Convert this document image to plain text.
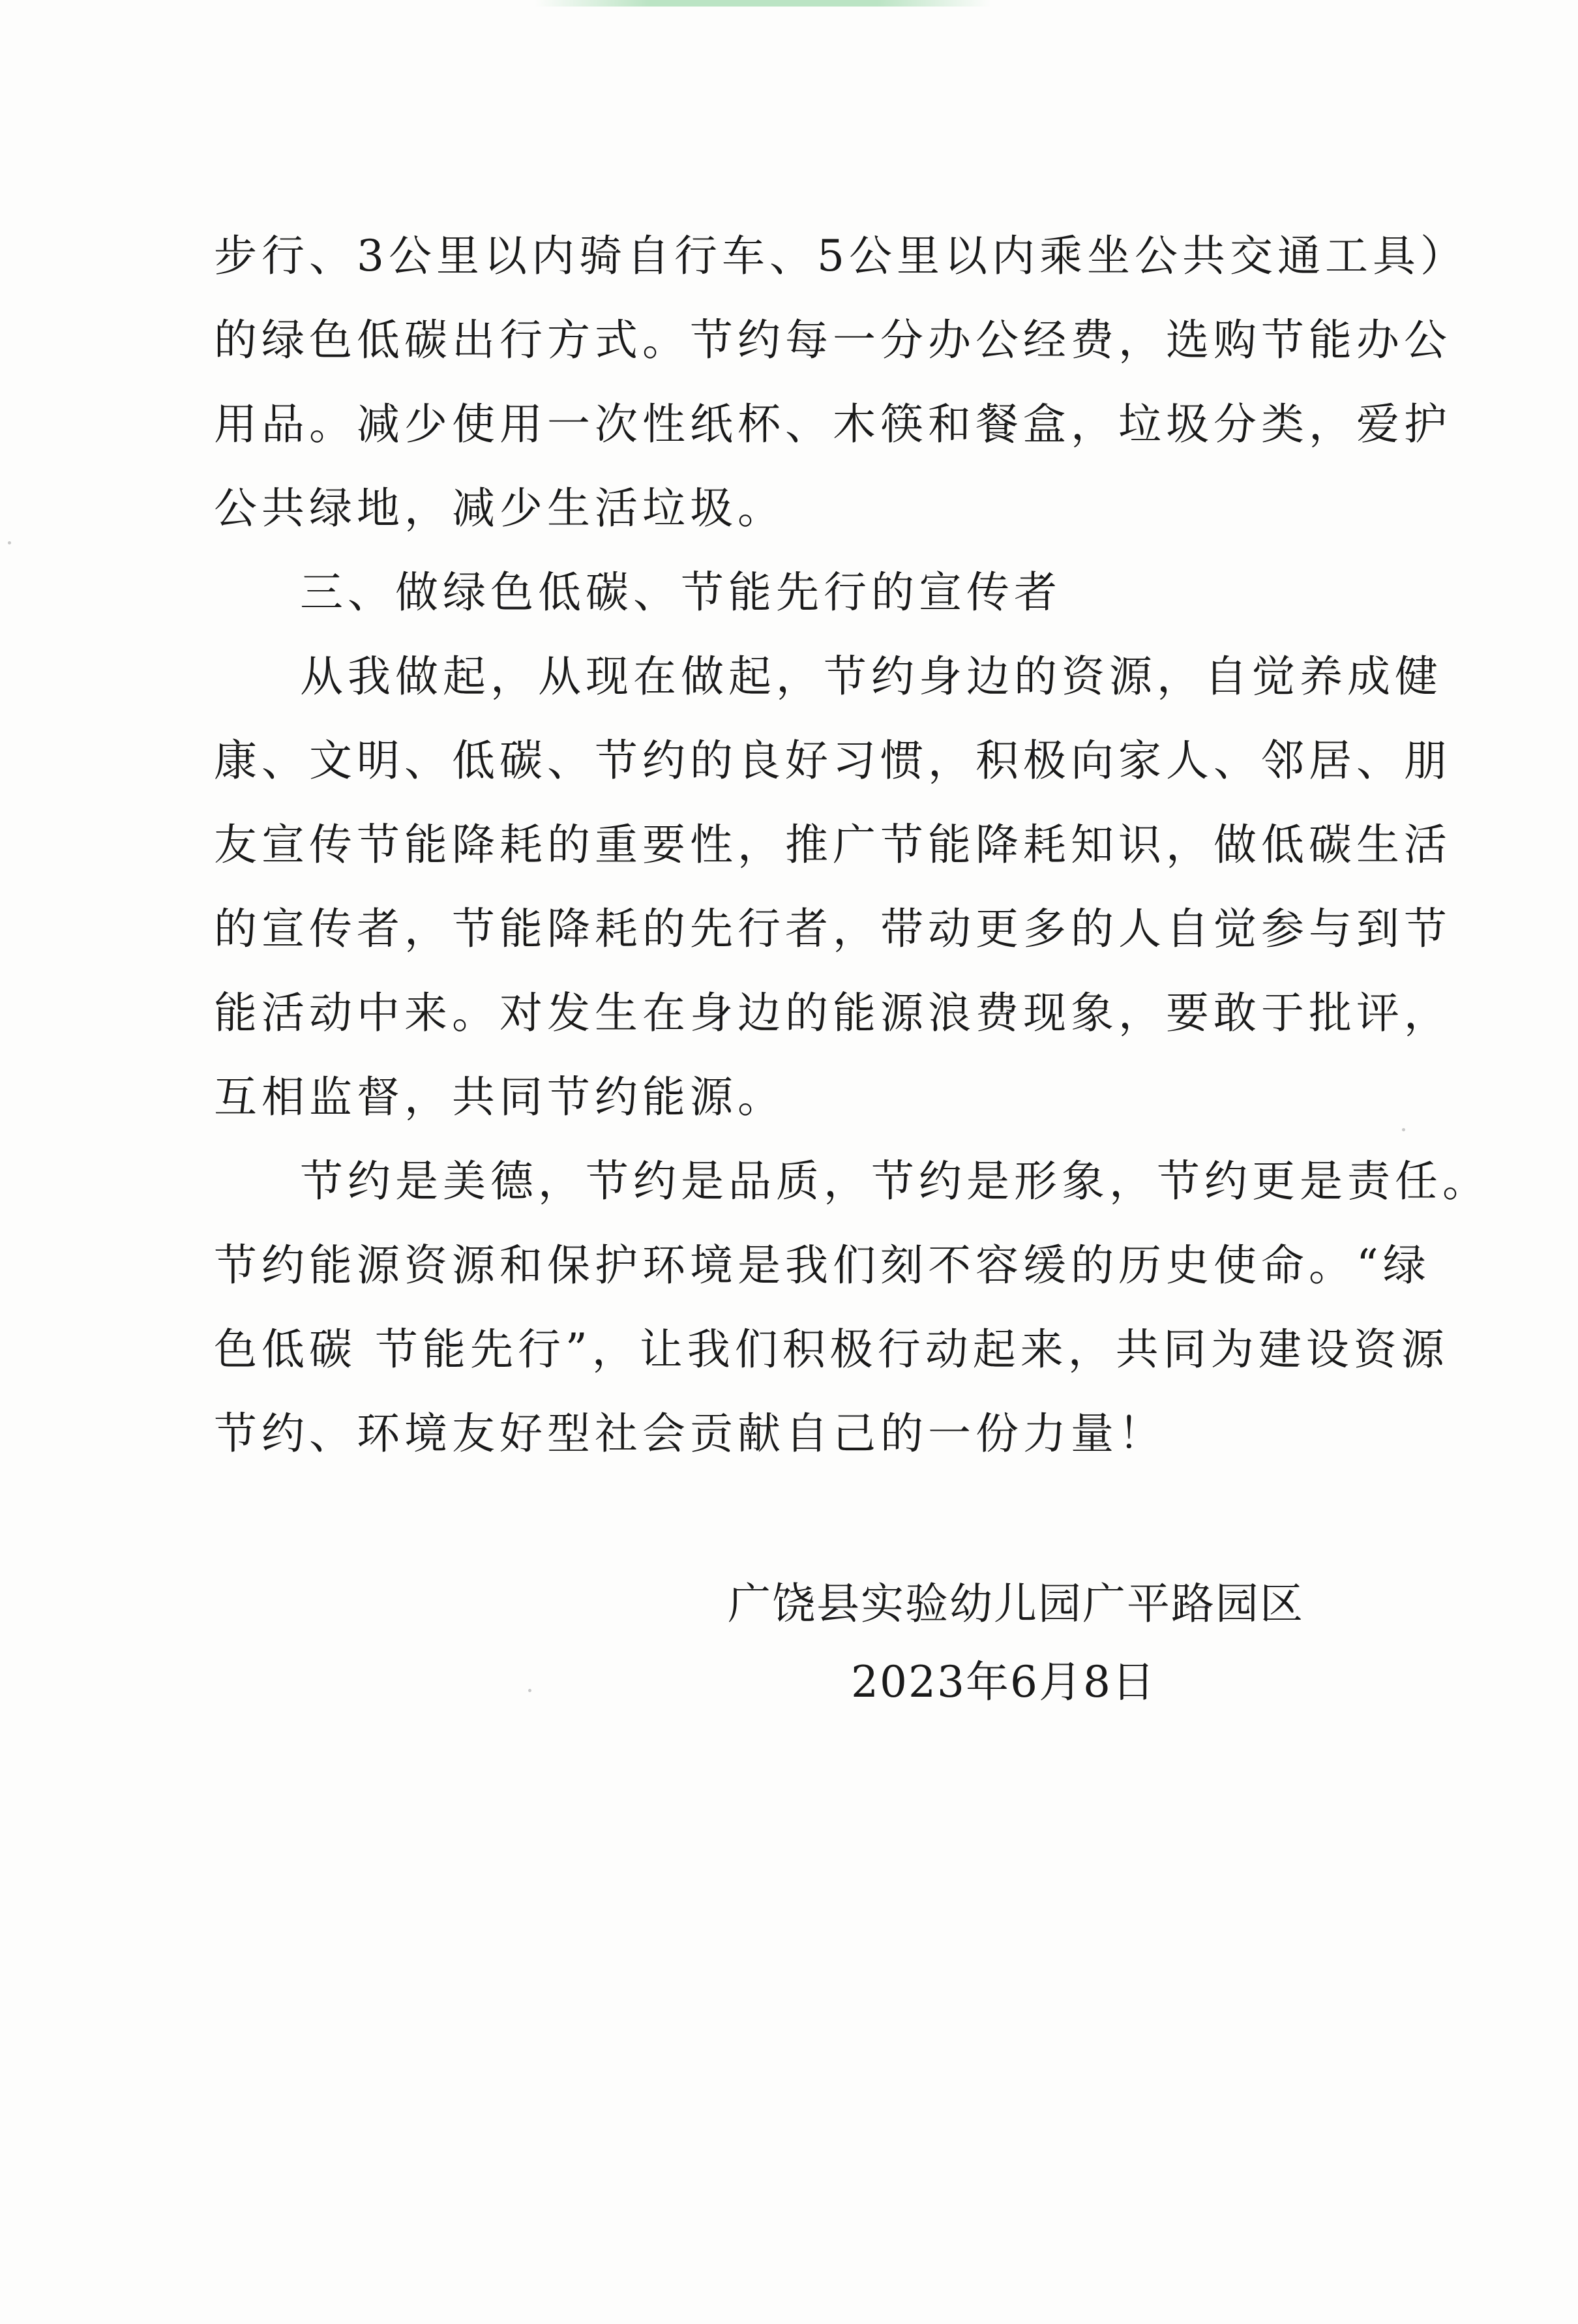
步行、3公里以内骑自行车、5公里以内乘坐公共交通工具）
的绿色低碳出行方式。节约每一分办公经费，选购节能办公
用品。减少使用一次性纸杯、木筷和餐盒，垃圾分类，爱护
公共绿地，减少生活垃圾。
三、做绿色低碳、节能先行的宣传者
从我做起，从现在做起，节约身边的资源，自觉养成健
康、文明、低碳、节约的良好习惯，积极向家人、邻居、朋
友宣传节能降耗的重要性，推广节能降耗知识，做低碳生活
的宣传者，节能降耗的先行者，带动更多的人自觉参与到节
能活动中来。对发生在身边的能源浪费现象，要敢于批评，
互相监督，共同节约能源。
节约是美德，节约是品质，节约是形象，节约更是责任。
节约能源资源和保护环境是我们刻不容缓的历史使命。“绿
色低碳 节能先行”，让我们积极行动起来，共同为建设资源
节约、环境友好型社会贡献自己的一份力量！
广饶县实验幼儿园广平路园区
2023年6月8日
